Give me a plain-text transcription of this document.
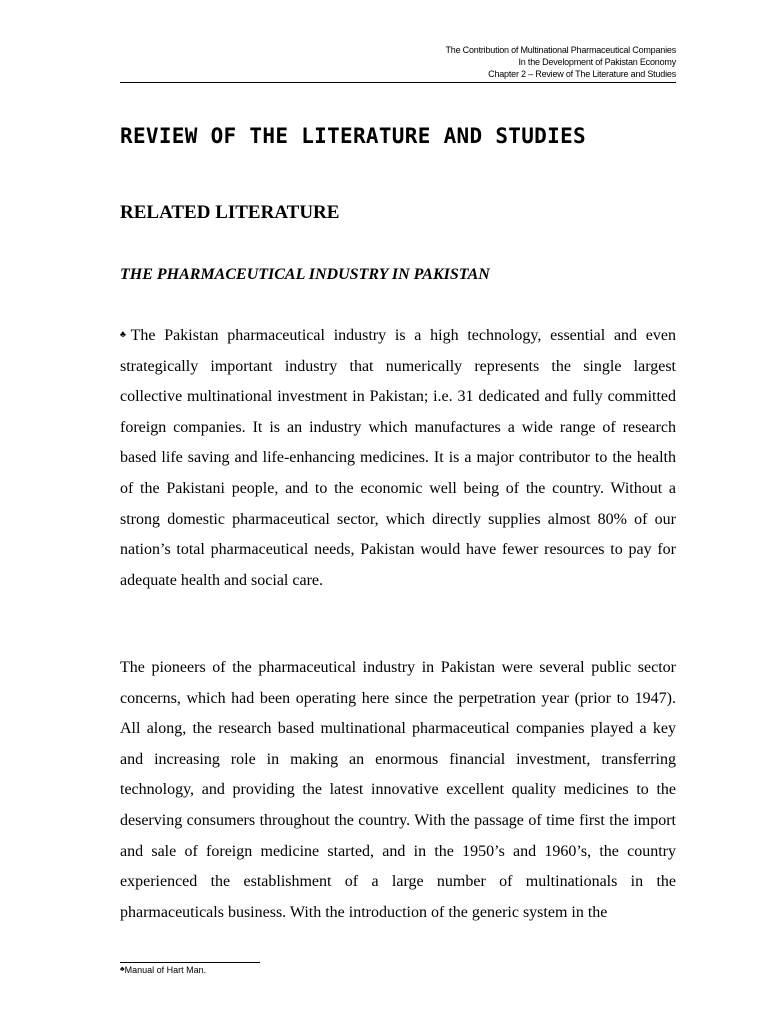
The Contribution of Multinational Pharmaceutical Companies
In the Development of Pakistan Economy
Chapter 2 – Review of The Literature and Studies
REVIEW OF THE LITERATURE AND STUDIES
RELATED LITERATURE
THE PHARMACEUTICAL INDUSTRY IN PAKISTAN

♣The Pakistan pharmaceutical industry is a high technology, essential and even strategically important industry that numerically represents the single largest collective multinational investment in Pakistan; i.e. 31 dedicated and fully committed foreign companies. It is an industry which manufactures a wide range of research based life saving and life-enhancing medicines. It is a major contributor to the health of the Pakistani people, and to the economic well being of the country. Without a strong domestic pharmaceutical sector, which directly supplies almost 80% of our nation’s total pharmaceutical needs, Pakistan would have fewer resources to pay for adequate health and social care.

The pioneers of the pharmaceutical industry in Pakistan were several public sector concerns, which had been operating here since the perpetration year (prior to 1947). All along, the research based multinational pharmaceutical companies played a key and increasing role in making an enormous financial investment, transferring technology, and providing the latest innovative excellent quality medicines to the deserving consumers throughout the country. With the passage of time first the import and sale of foreign medicine started, and in the 1950’s and 1960’s, the country experienced the establishment of a large number of multinationals in the pharmaceuticals business. With the introduction of the generic system in the

♣Manual of Hart Man.
